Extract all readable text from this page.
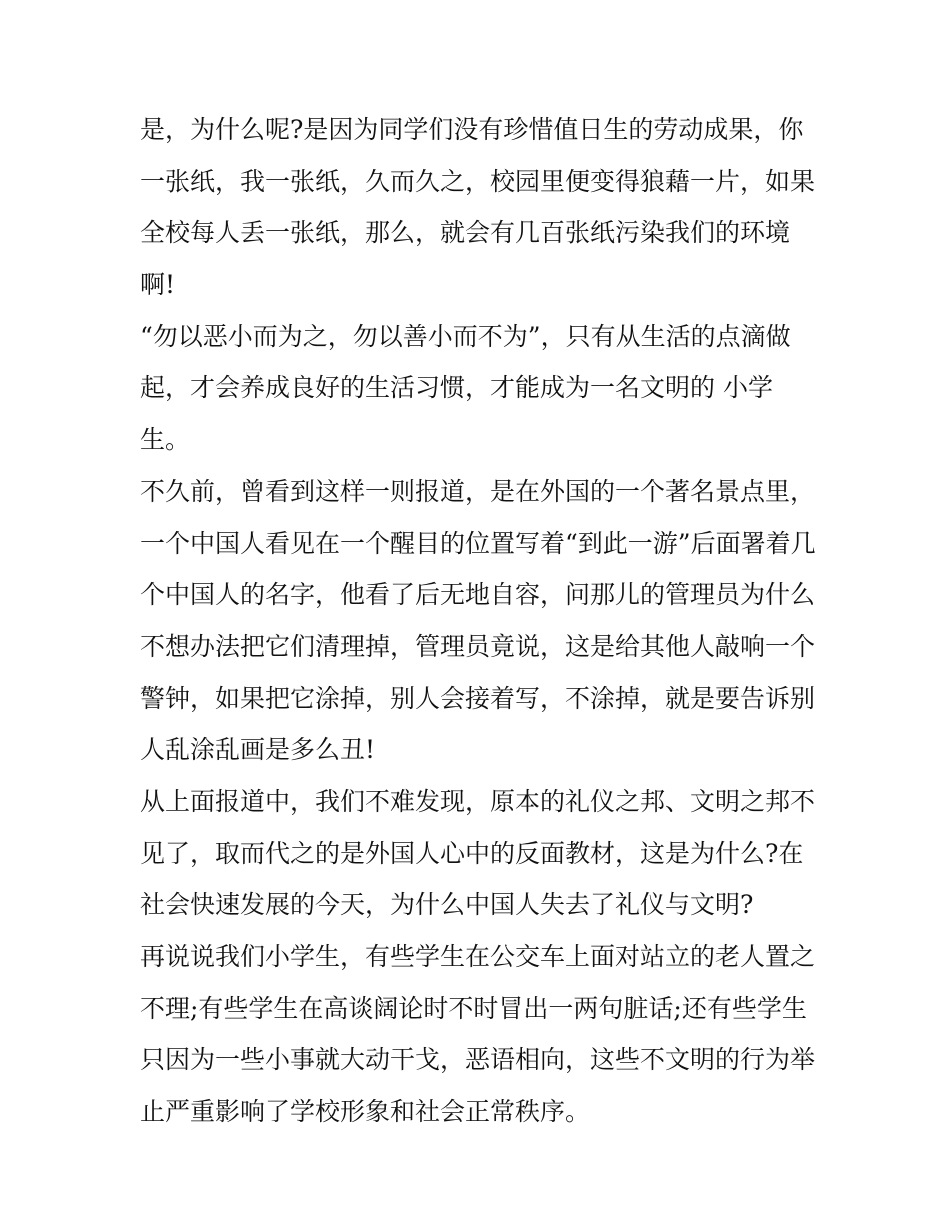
是，为什么呢?是因为同学们没有珍惜值日生的劳动成果，你
一张纸，我一张纸，久而久之，校园里便变得狼藉一片，如果
全校每人丢一张纸，那么，就会有几百张纸污染我们的环境
啊!
“勿以恶小而为之，勿以善小而不为”，只有从生活的点滴做
起，才会养成良好的生活习惯，才能成为一名文明的 小学
生。
不久前，曾看到这样一则报道，是在外国的一个著名景点里，
一个中国人看见在一个醒目的位置写着“到此一游”后面署着几
个中国人的名字，他看了后无地自容，问那儿的管理员为什么
不想办法把它们清理掉，管理员竟说，这是给其他人敲响一个
警钟，如果把它涂掉，别人会接着写，不涂掉，就是要告诉别
人乱涂乱画是多么丑!
从上面报道中，我们不难发现，原本的礼仪之邦、文明之邦不
见了，取而代之的是外国人心中的反面教材，这是为什么?在
社会快速发展的今天，为什么中国人失去了礼仪与文明?
再说说我们小学生，有些学生在公交车上面对站立的老人置之
不理;有些学生在高谈阔论时不时冒出一两句脏话;还有些学生
只因为一些小事就大动干戈，恶语相向，这些不文明的行为举
止严重影响了学校形象和社会正常秩序。
